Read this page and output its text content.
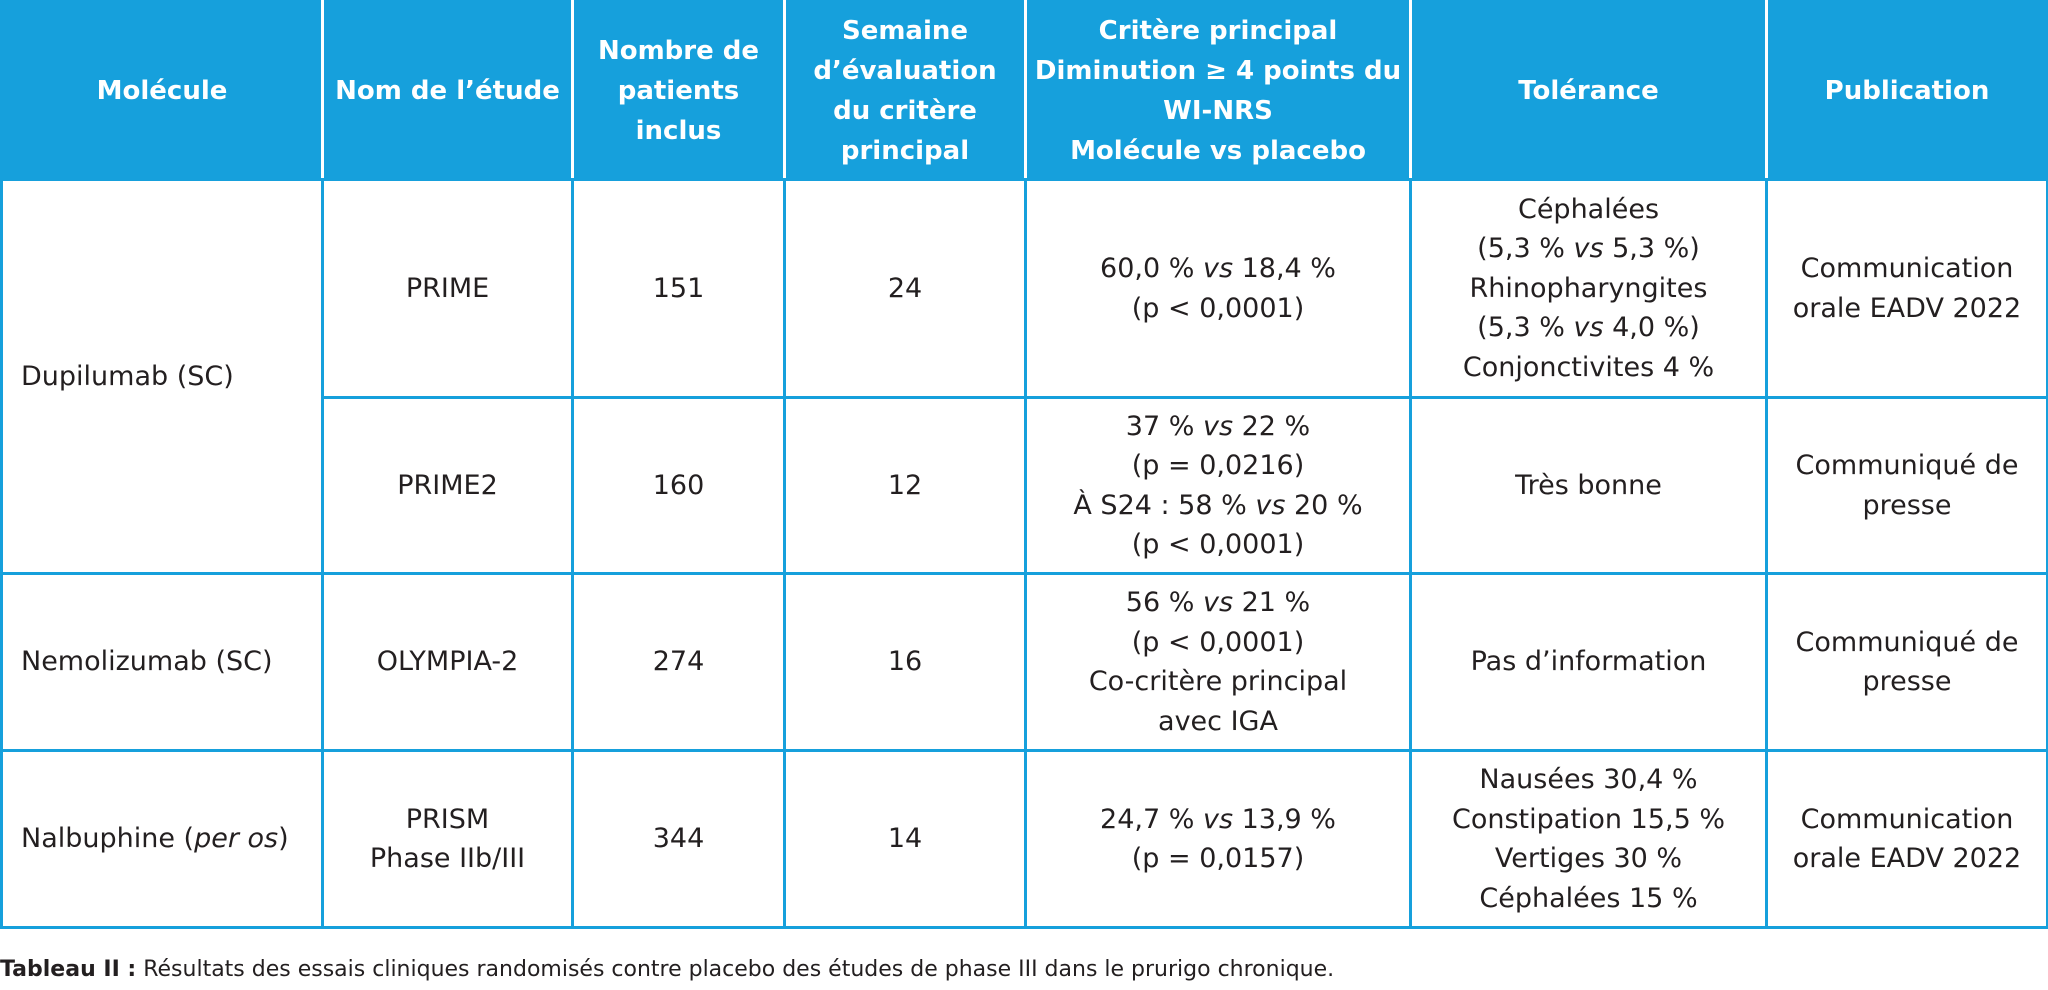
Molécule	Nom de l’étude	Nombre de
patients
inclus	Semaine
d’évaluation
du critère
principal	Critère principal
Diminution ≥ 4 points du
WI-NRS
Molécule vs placebo	Tolérance	Publication
Dupilumab (SC)	PRIME	151	24	60,0 % vs 18,4 %
(p < 0,0001)	Céphalées
(5,3 % vs 5,3 %)
Rhinopharyngites
(5,3 % vs 4,0 %)
Conjonctivites 4 %	Communication
orale EADV 2022

	PRIME2	160	12	37 % vs 22 %
(p = 0,0216)
À S24 : 58 % vs 20 %
(p < 0,0001)	Très bonne	Communiqué de
presse

Nemolizumab (SC)	OLYMPIA-2	274	16	56 % vs 21 %
(p < 0,0001)
Co-critère principal
avec IGA	Pas d’information	Communiqué de
presse

Nalbuphine (per os)	PRISM
Phase IIb/III	344	14	24,7 % vs 13,9 %
(p = 0,0157)	Nausées 30,4 %
Constipation 15,5 %
Vertiges 30 %
Céphalées 15 %	Communication
orale EADV 2022
Tableau II : Résultats des essais cliniques randomisés contre placebo des études de phase III dans le prurigo chronique.
